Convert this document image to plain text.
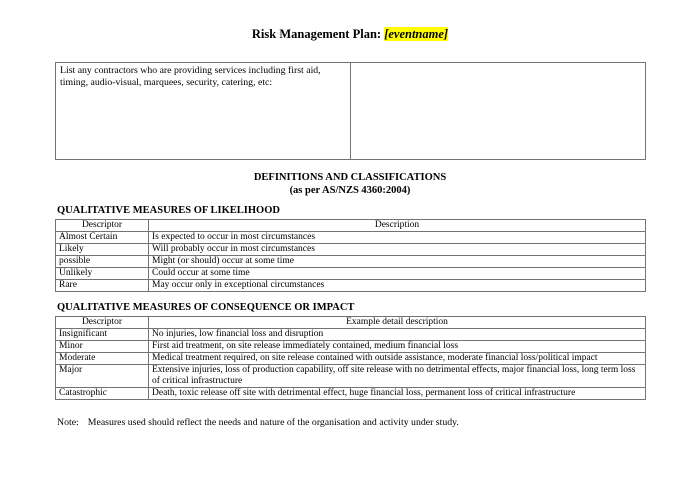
Risk Management Plan: [eventname]
List any contractors who are providing services including first aid, timing, audio-visual, marquees, security, catering, etc:	
DEFINITIONS AND CLASSIFICATIONS
(as per AS/NZS 4360:2004)
QUALITATIVE MEASURES OF LIKELIHOOD
Descriptor	Description
Almost Certain	Is expected to occur in most circumstances
Likely	Will probably occur in most circumstances
possible	Might (or should) occur at some time
Unlikely	Could occur at some time
Rare	May occur only in exceptional circumstances
QUALITATIVE MEASURES OF CONSEQUENCE OR IMPACT
Descriptor	Example detail description
Insignificant	No injuries, low financial loss and disruption
Minor	First aid treatment, on site release immediately contained, medium financial loss
Moderate	Medical treatment required, on site release contained with outside assistance, moderate financial loss/political impact
Major	Extensive injuries, loss of production capability, off site release with no detrimental effects, major financial loss, long term loss of critical infrastructure
Catastrophic	Death, toxic release off site with detrimental effect, huge financial loss, permanent loss of critical infrastructure
Note: Measures used should reflect the needs and nature of the organisation and activity under study.
